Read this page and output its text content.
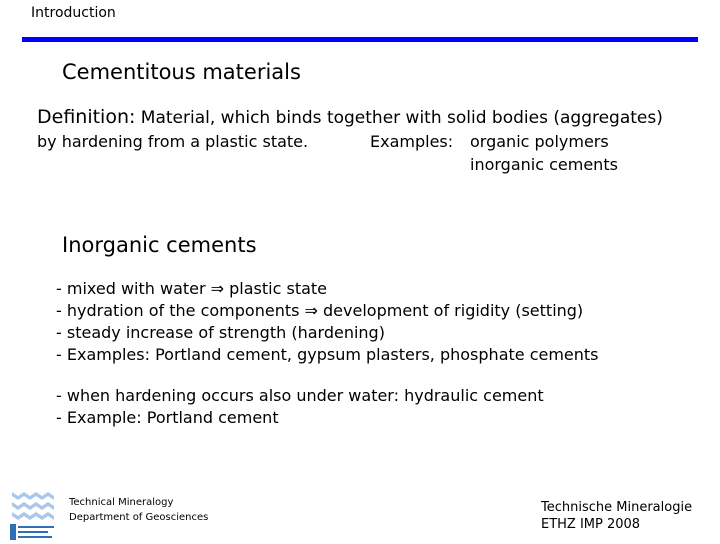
Introduction
Cementitous materials
Definition: Material, which binds together with solid bodies (aggregates)
by hardening from a plastic state.	Examples: organic polymers
inorganic cements
Inorganic cements
- mixed with water ⇒ plastic state
- hydration of the components ⇒ development of rigidity (setting)
- steady increase of strength (hardening)
- Examples: Portland cement, gypsum plasters, phosphate cements
- when hardening occurs also under water: hydraulic cement
- Example: Portland cement
Technical Mineralogy
Department of Geosciences
Technische Mineralogie
ETHZ IMP 2008
